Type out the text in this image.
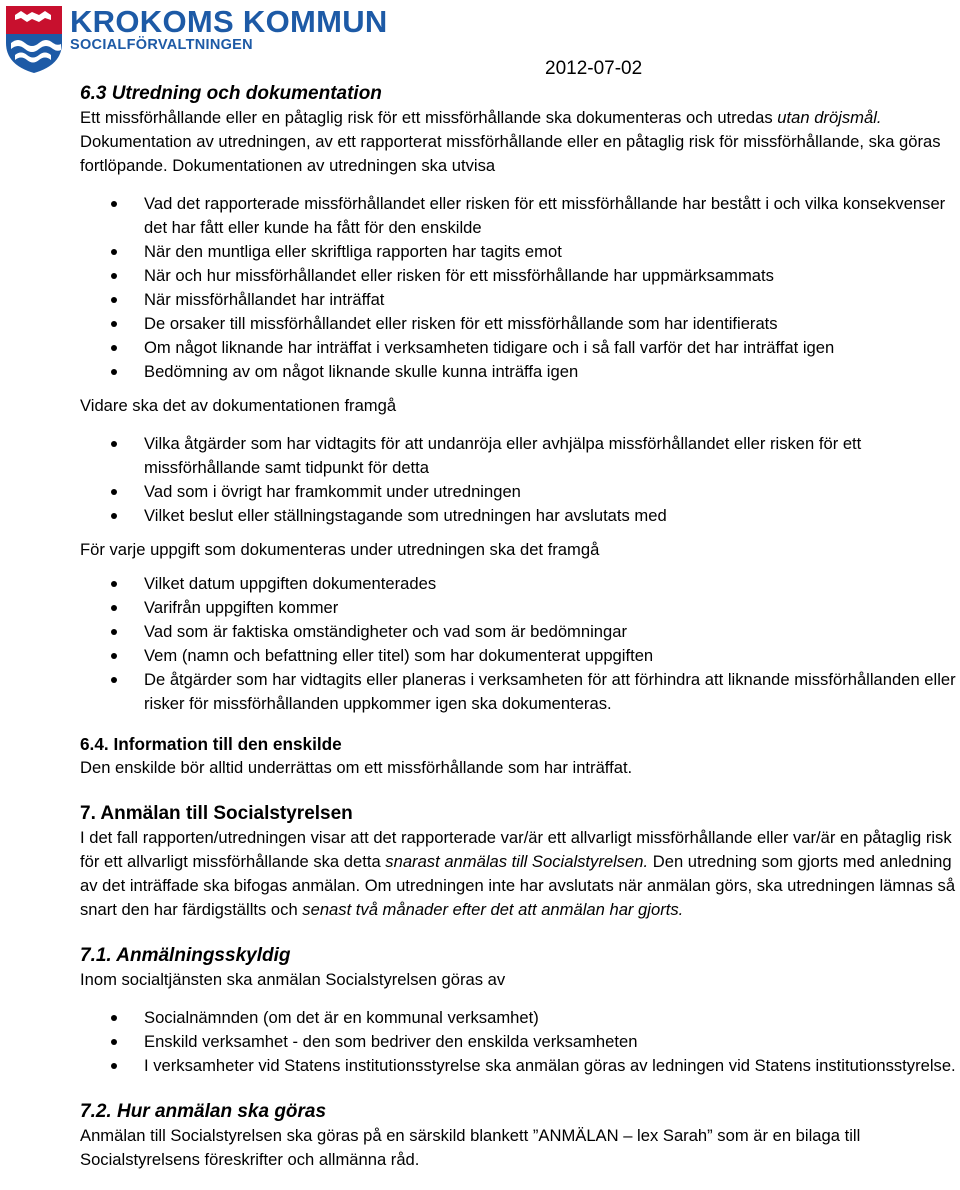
KROKOMS KOMMUN
SOCIALFÖRVALTNINGEN
2012-07-02

6.3 Utredning och dokumentation

Ett missförhållande eller en påtaglig risk för ett missförhållande ska dokumenteras och utredas utan dröjsmål. Dokumentation av utredningen, av ett rapporterat missförhållande eller en påtaglig risk för missförhållande, ska göras fortlöpande. Dokumentationen av utredningen ska utvisa

Vad det rapporterade missförhållandet eller risken för ett missförhållande har bestått i och vilka konsekvenser det har fått eller kunde ha fått för den enskilde
När den muntliga eller skriftliga rapporten har tagits emot
När och hur missförhållandet eller risken för ett missförhållande har uppmärksammats
När missförhållandet har inträffat
De orsaker till missförhållandet eller risken för ett missförhållande som har identifierats
Om något liknande har inträffat i verksamheten tidigare och i så fall varför det har inträffat igen
Bedömning av om något liknande skulle kunna inträffa igen

Vidare ska det av dokumentationen framgå

Vilka åtgärder som har vidtagits för att undanröja eller avhjälpa missförhållandet eller risken för ett missförhållande samt tidpunkt för detta
Vad som i övrigt har framkommit under utredningen
Vilket beslut eller ställningstagande som utredningen har avslutats med

För varje uppgift som dokumenteras under utredningen ska det framgå

Vilket datum uppgiften dokumenterades
Varifrån uppgiften kommer
Vad som är faktiska omständigheter och vad som är bedömningar
Vem (namn och befattning eller titel) som har dokumenterat uppgiften
De åtgärder som har vidtagits eller planeras i verksamheten för att förhindra att liknande missförhållanden eller risker för missförhållanden uppkommer igen ska dokumenteras.

6.4. Information till den enskilde

Den enskilde bör alltid underrättas om ett missförhållande som har inträffat.

7. Anmälan till Socialstyrelsen

I det fall rapporten/utredningen visar att det rapporterade var/är ett allvarligt missförhållande eller var/är en påtaglig risk för ett allvarligt missförhållande ska detta snarast anmälas till Socialstyrelsen. Den utredning som gjorts med anledning av det inträffade ska bifogas anmälan. Om utredningen inte har avslutats när anmälan görs, ska utredningen lämnas så snart den har färdigställts och senast två månader efter det att anmälan har gjorts.

7.1. Anmälningsskyldig

Inom socialtjänsten ska anmälan Socialstyrelsen göras av

Socialnämnden (om det är en kommunal verksamhet)
Enskild verksamhet - den som bedriver den enskilda verksamheten
I verksamheter vid Statens institutionsstyrelse ska anmälan göras av ledningen vid Statens institutionsstyrelse.

7.2. Hur anmälan ska göras

Anmälan till Socialstyrelsen ska göras på en särskild blankett ”ANMÄLAN – lex Sarah” som är en bilaga till Socialstyrelsens föreskrifter och allmänna råd.
